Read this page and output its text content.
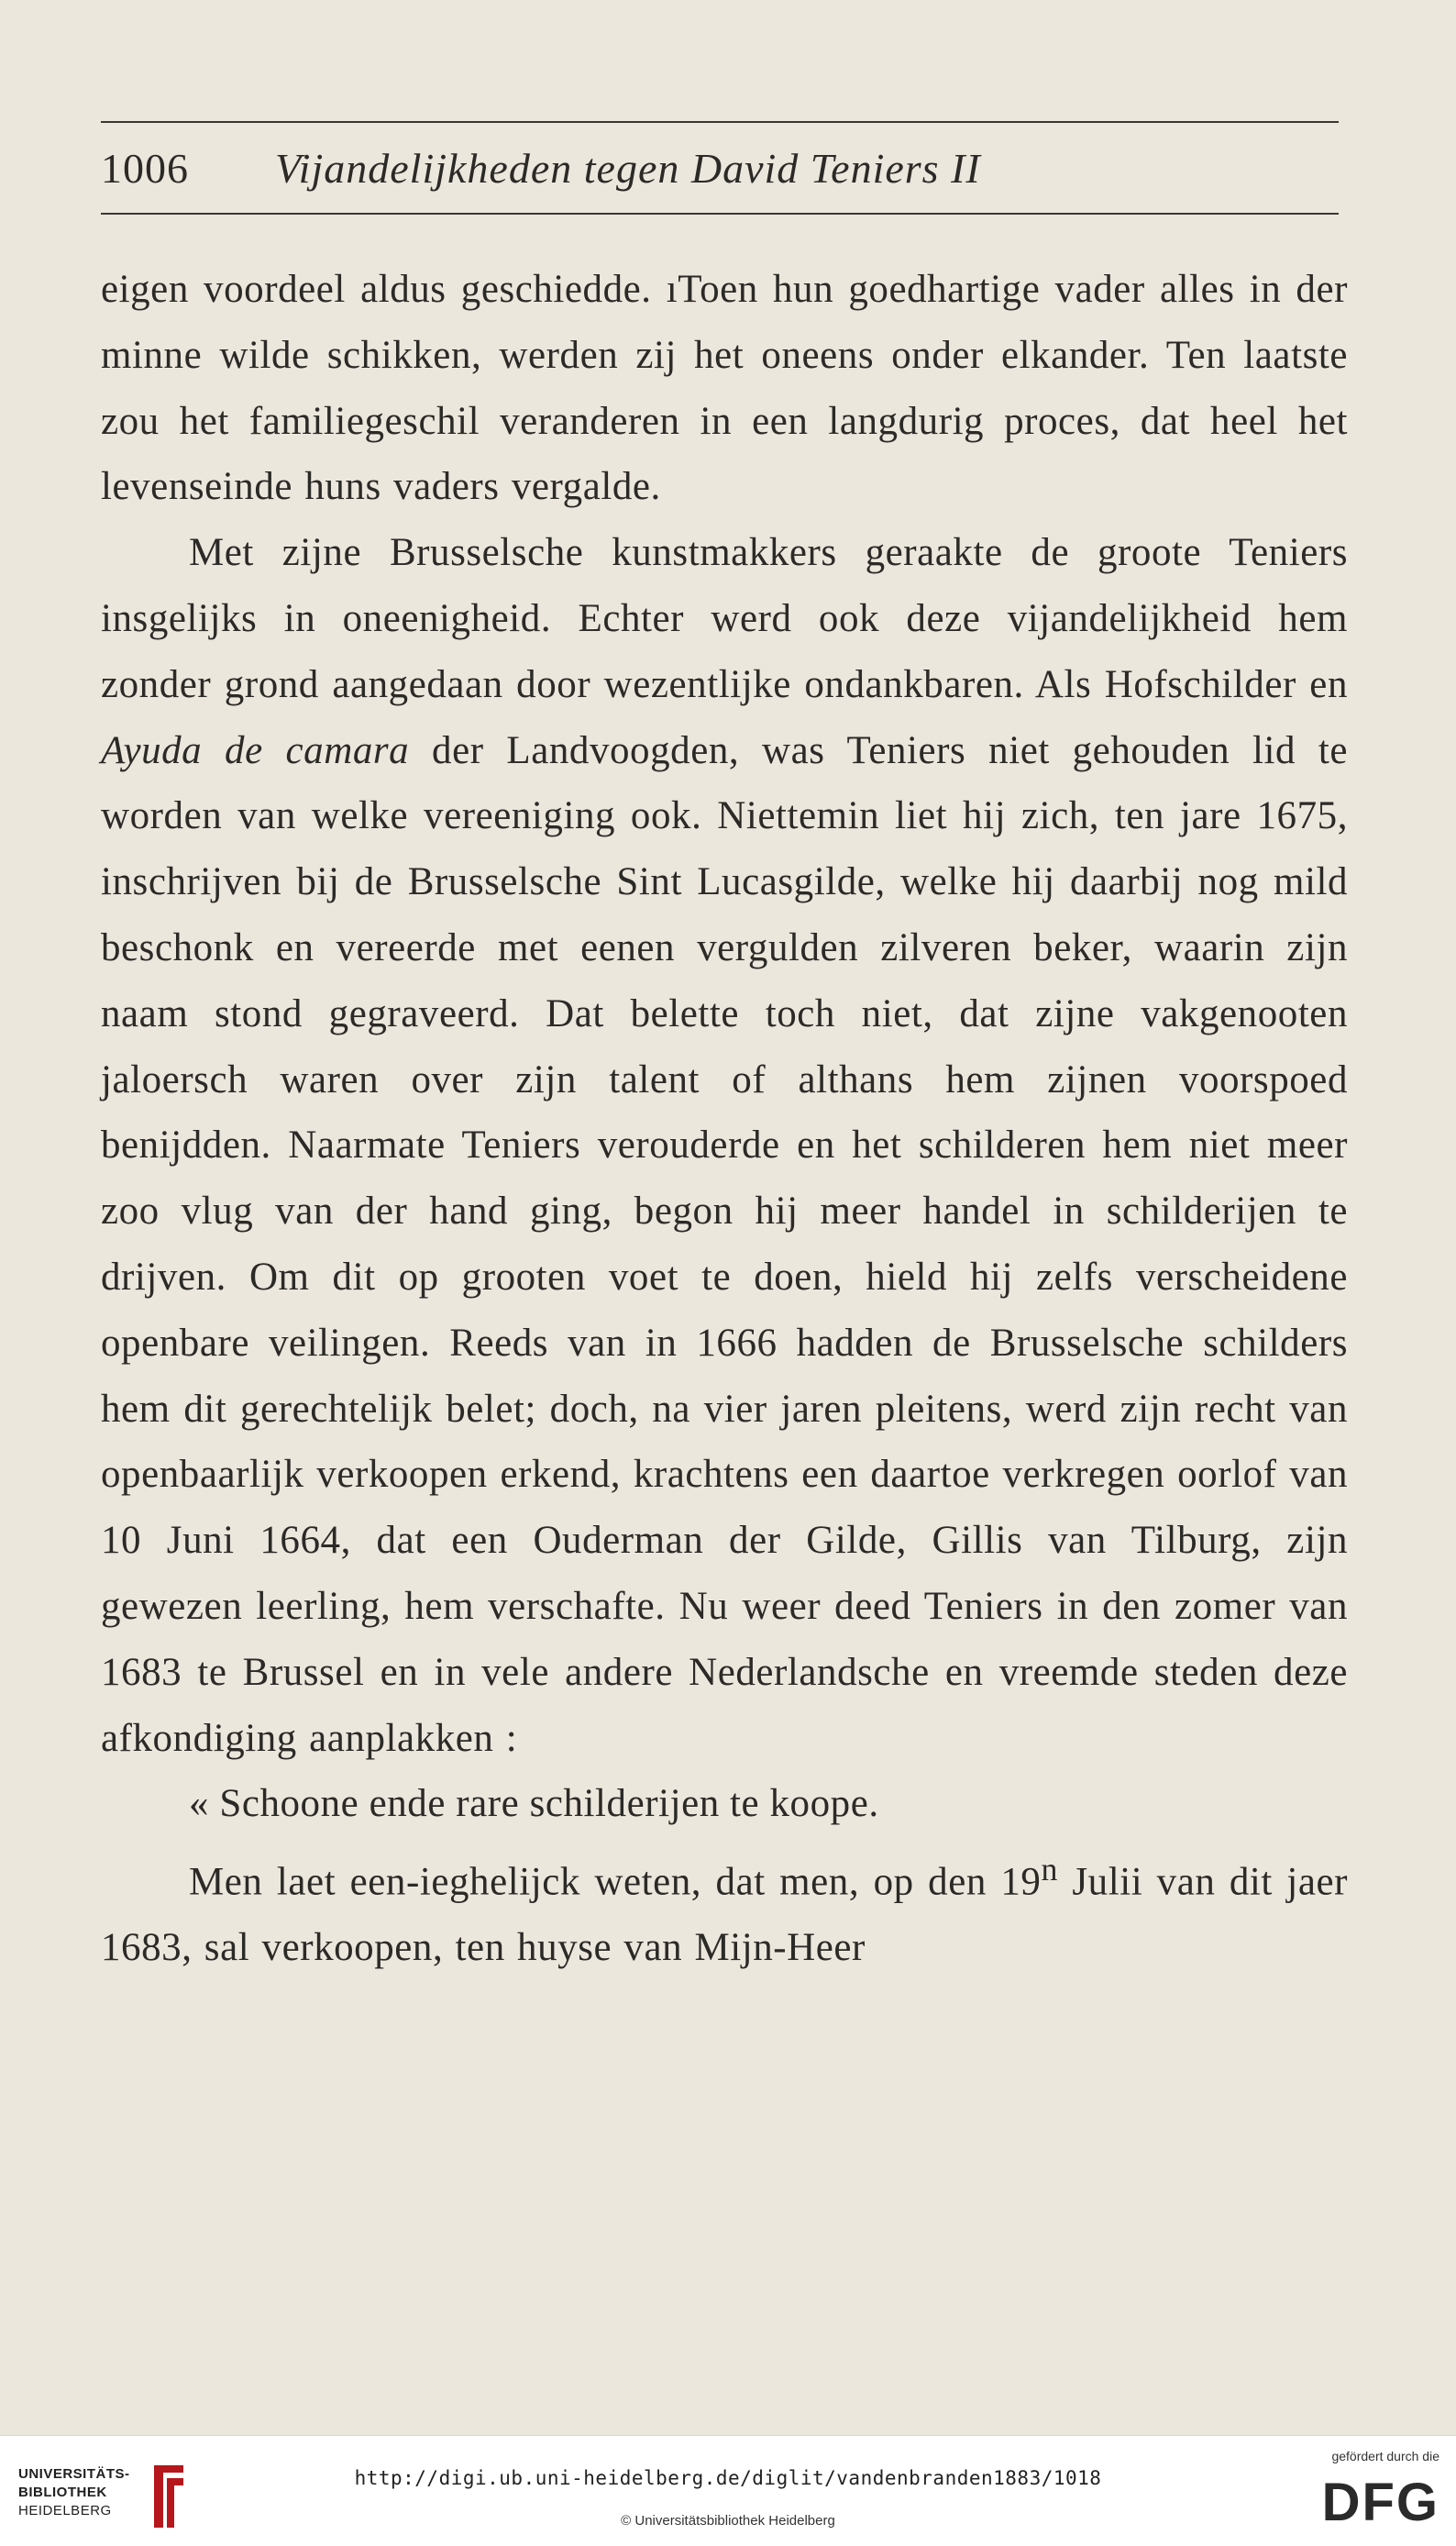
1006 Vijandelijkheden tegen David Teniers II

eigen voordeel aldus geschiedde. ıToen hun goedhartige vader alles in der minne wilde schikken, werden zij het oneens onder elkander. Ten laatste zou het familiegeschil veranderen in een langdurig proces, dat heel het levenseinde huns vaders vergalde.

Met zijne Brusselsche kunstmakkers geraakte de groote Teniers insgelijks in oneenigheid. Echter werd ook deze vijandelijkheid hem zonder grond aangedaan door wezentlijke ondankbaren. Als Hofschilder en Ayuda de camara der Landvoogden, was Teniers niet gehouden lid te worden van welke vereeniging ook. Niettemin liet hij zich, ten jare 1675, inschrijven bij de Brusselsche Sint Lucasgilde, welke hij daarbij nog mild beschonk en vereerde met eenen vergulden zilveren beker, waarin zijn naam stond gegraveerd. Dat belette toch niet, dat zijne vakgenooten jaloersch waren over zijn talent of althans hem zijnen voorspoed benijdden. Naarmate Teniers verouderde en het schilderen hem niet meer zoo vlug van der hand ging, begon hij meer handel in schilderijen te drijven. Om dit op grooten voet te doen, hield hij zelfs verscheidene openbare veilingen. Reeds van in 1666 hadden de Brusselsche schilders hem dit gerechtelijk belet; doch, na vier jaren pleitens, werd zijn recht van openbaarlijk verkoopen erkend, krachtens een daartoe verkregen oorlof van 10 Juni 1664, dat een Ouderman der Gilde, Gillis van Tilburg, zijn gewezen leerling, hem verschafte. Nu weer deed Teniers in den zomer van 1683 te Brussel en in vele andere Nederlandsche en vreemde steden deze afkondiging aanplakken :

« Schoone ende rare schilderijen te koope.

Men laet een-ieghelijck weten, dat men, op den 19$^n$ Julii van dit jaer 1683, sal verkoopen, ten huyse van Mijn-Heer

UNIVERSITÄTS-
BIBLIOTHEK
HEIDELBERG
http://digi.ub.uni-heidelberg.de/diglit/vandenbranden1883/1018
© Universitätsbibliothek Heidelberg
gefördert durch die
DFG
